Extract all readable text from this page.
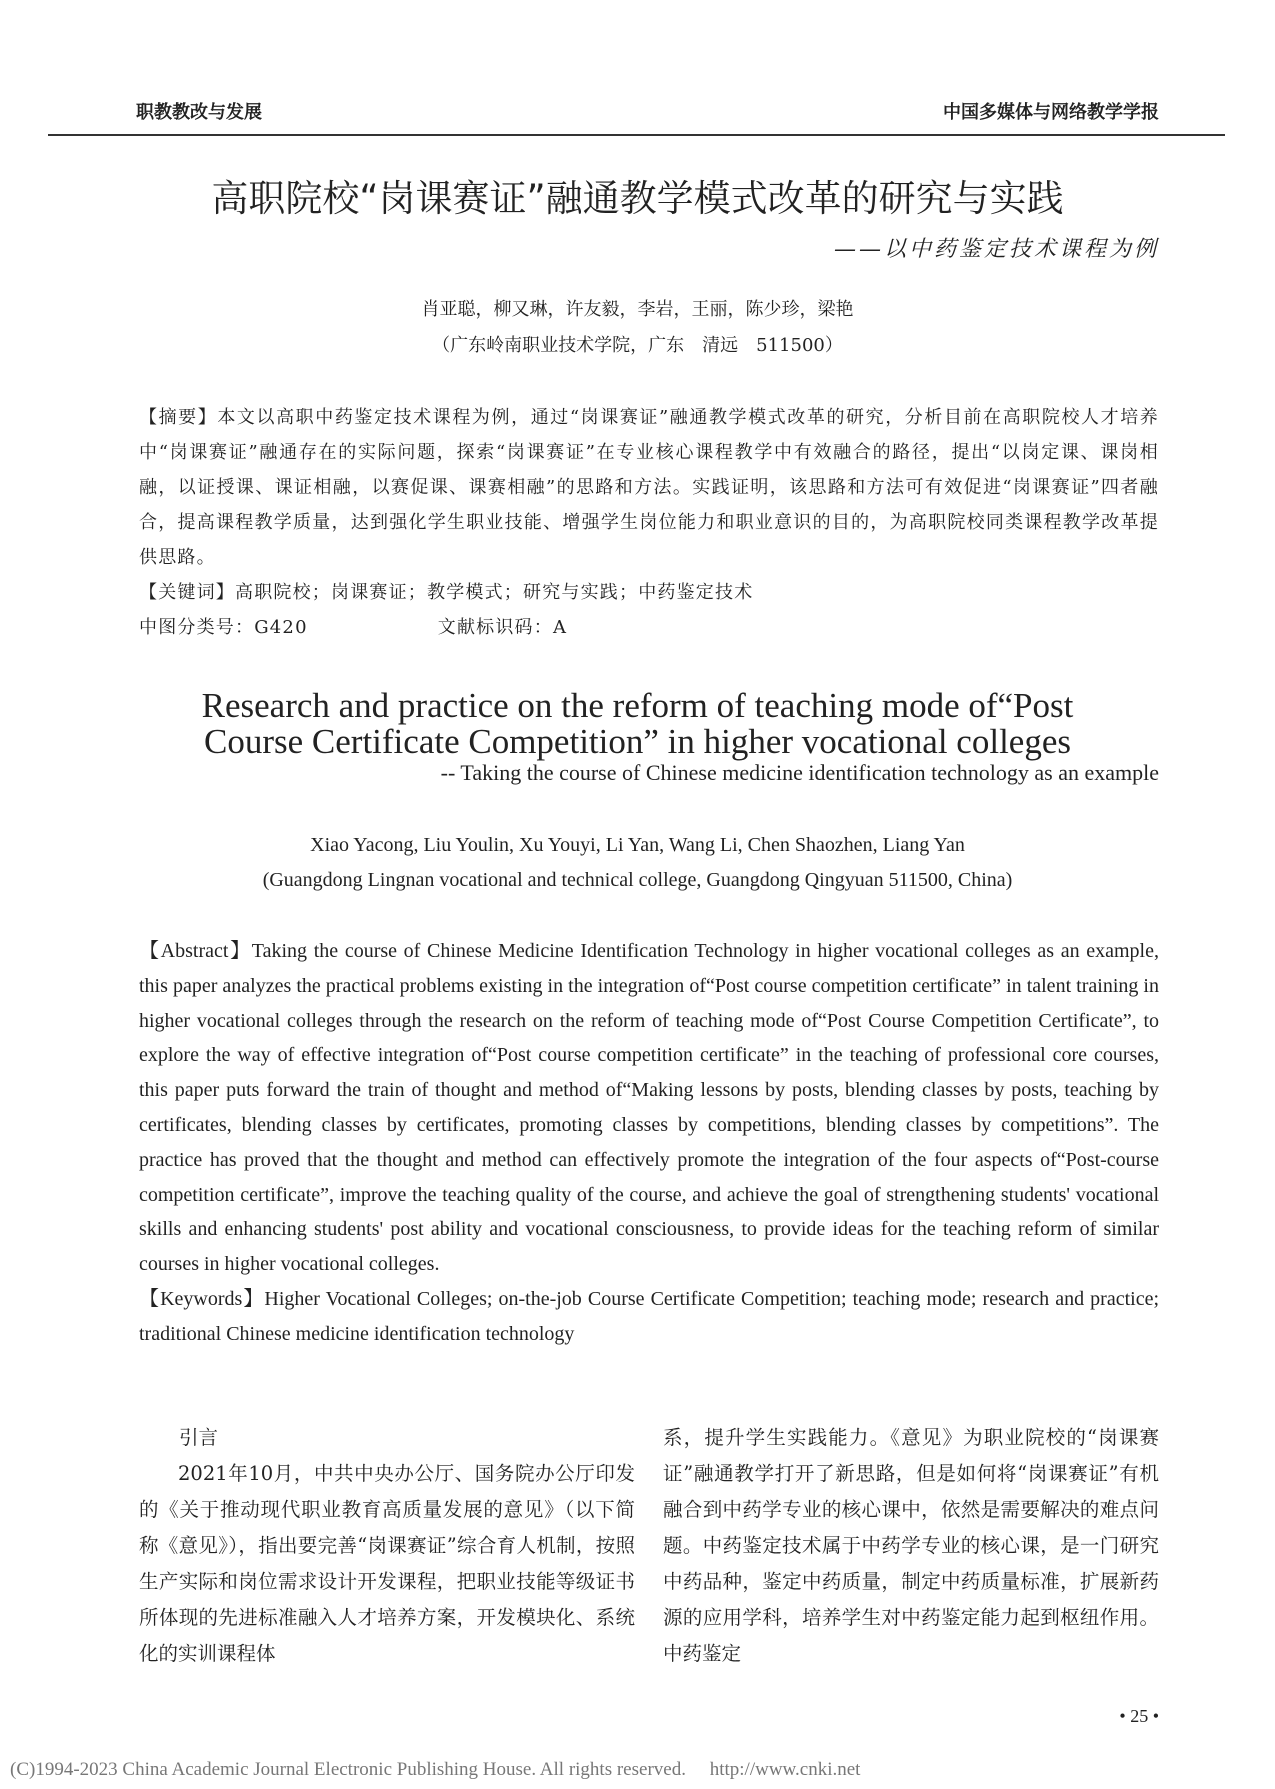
职教教改与发展	中国多媒体与网络教学学报
高职院校“岗课赛证”融通教学模式改革的研究与实践
——以中药鉴定技术课程为例
肖亚聪，柳又琳，许友毅，李岩，王丽，陈少珍，梁艳
（广东岭南职业技术学院，广东　清远　511500）
【摘要】本文以高职中药鉴定技术课程为例，通过“岗课赛证”融通教学模式改革的研究，分析目前在高职院校人才培养中“岗课赛证”融通存在的实际问题，探索“岗课赛证”在专业核心课程教学中有效融合的路径，提出“以岗定课、课岗相融，以证授课、课证相融，以赛促课、课赛相融”的思路和方法。实践证明，该思路和方法可有效促进“岗课赛证”四者融合，提高课程教学质量，达到强化学生职业技能、增强学生岗位能力和职业意识的目的，为高职院校同类课程教学改革提供思路。
【关键词】高职院校；岗课赛证；教学模式；研究与实践；中药鉴定技术
中图分类号：G420	文献标识码：A
Research and practice on the reform of teaching mode of“Post
Course Certificate Competition” in higher vocational colleges
-- Taking the course of Chinese medicine identification technology as an example
Xiao Yacong, Liu Youlin, Xu Youyi, Li Yan, Wang Li, Chen Shaozhen, Liang Yan
(Guangdong Lingnan vocational and technical college, Guangdong Qingyuan 511500, China)
【Abstract】Taking the course of Chinese Medicine Identification Technology in higher vocational colleges as an example, this paper analyzes the practical problems existing in the integration of“Post course competition certificate” in talent training in higher vocational colleges through the research on the reform of teaching mode of“Post Course Competition Certificate”, to explore the way of effective integration of“Post course competition certificate” in the teaching of professional core courses, this paper puts forward the train of thought and method of“Making lessons by posts, blending classes by posts, teaching by certificates, blending classes by certificates, promoting classes by competitions, blending classes by competitions”. The practice has proved that the thought and method can effectively promote the integration of the four aspects of“Post-course competition certificate”, improve the teaching quality of the course, and achieve the goal of strengthening students' vocational skills and enhancing students' post ability and vocational consciousness, to provide ideas for the teaching reform of similar courses in higher vocational colleges.
【Keywords】Higher Vocational Colleges; on-the-job Course Certificate Competition; teaching mode; research and practice; traditional Chinese medicine identification technology
引言
2021年10月，中共中央办公厅、国务院办公厅印发的《关于推动现代职业教育高质量发展的意见》（以下简称《意见》），指出要完善“岗课赛证”综合育人机制，按照生产实际和岗位需求设计开发课程，把职业技能等级证书所体现的先进标准融入人才培养方案，开发模块化、系统化的实训课程体
系，提升学生实践能力。《意见》为职业院校的“岗课赛证”融通教学打开了新思路，但是如何将“岗课赛证”有机融合到中药学专业的核心课中，依然是需要解决的难点问题。中药鉴定技术属于中药学专业的核心课，是一门研究中药品种，鉴定中药质量，制定中药质量标准，扩展新药源的应用学科，培养学生对中药鉴定能力起到枢纽作用。中药鉴定
• 25 •
(C)1994-2023 China Academic Journal Electronic Publishing House. All rights reserved.　 http://www.cnki.net
